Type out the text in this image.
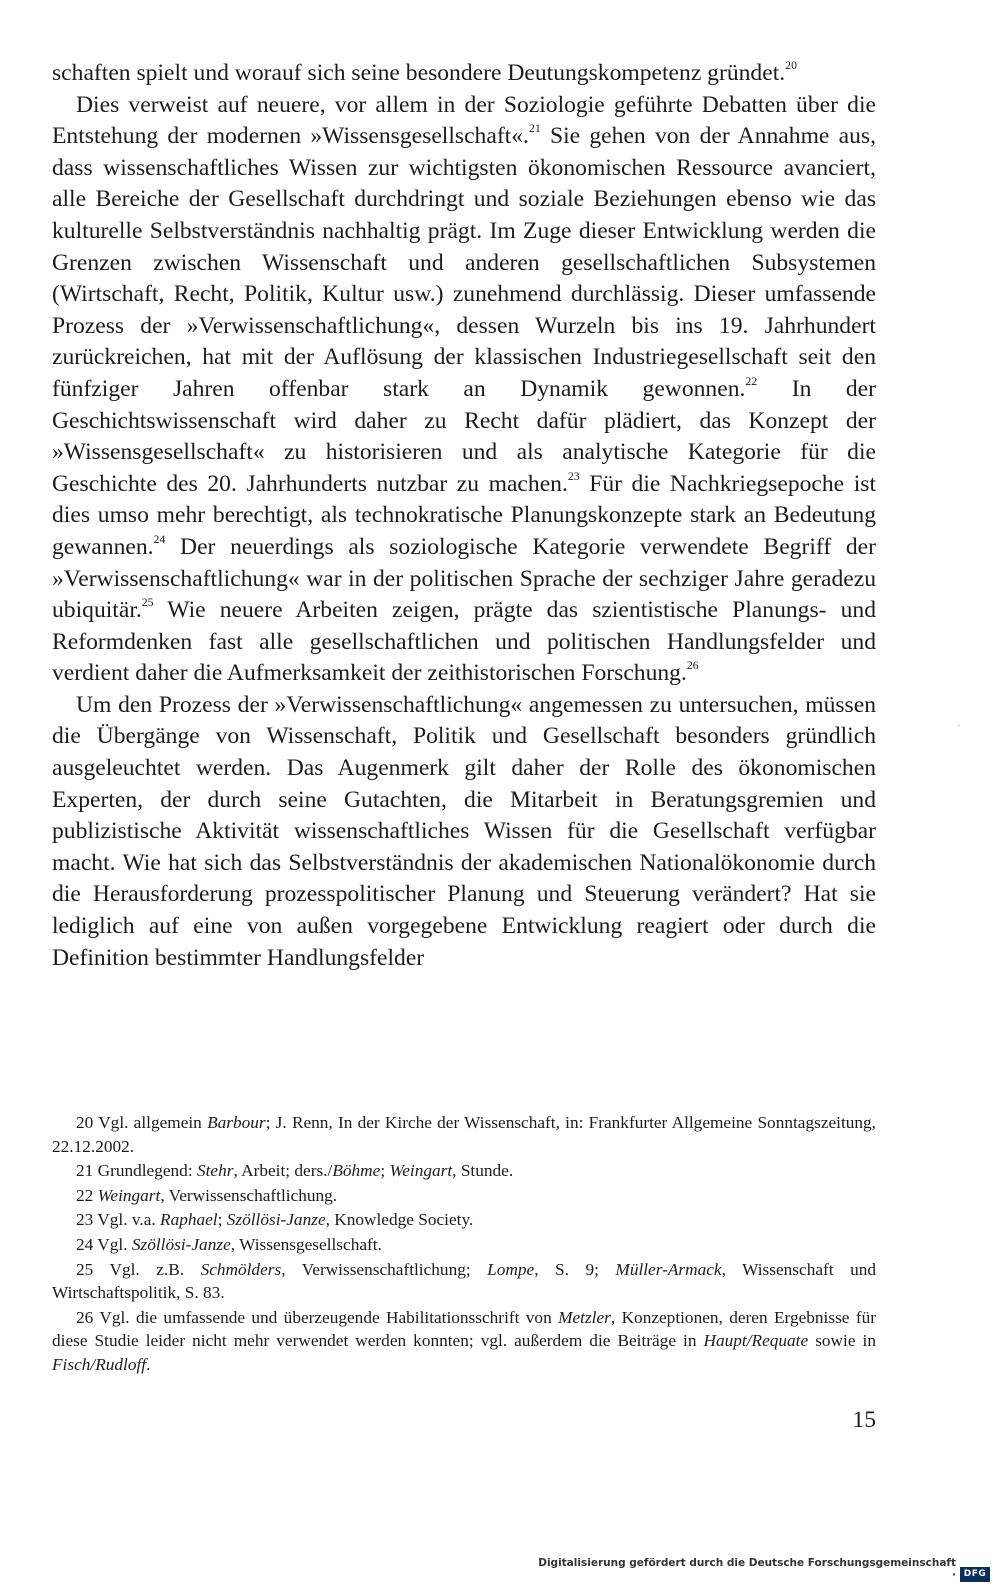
schaften spielt und worauf sich seine besondere Deutungskompetenz gründet.$^{20}$

Dies verweist auf neuere, vor allem in der Soziologie geführte Debatten über die Entstehung der modernen »Wissensgesellschaft«.$^{21}$ Sie gehen von der Annahme aus, dass wissenschaftliches Wissen zur wichtigsten ökonomischen Ressource avanciert, alle Bereiche der Gesellschaft durchdringt und soziale Beziehungen ebenso wie das kulturelle Selbstverständnis nachhaltig prägt. Im Zuge dieser Entwicklung werden die Grenzen zwischen Wissenschaft und anderen gesellschaftlichen Subsystemen (Wirtschaft, Recht, Politik, Kultur usw.) zunehmend durchlässig. Dieser umfassende Prozess der »Verwissenschaftlichung«, dessen Wurzeln bis ins 19. Jahrhundert zurückreichen, hat mit der Auflösung der klassischen Industriegesellschaft seit den fünfziger Jahren offenbar stark an Dynamik gewonnen.$^{22}$ In der Geschichtswissenschaft wird daher zu Recht dafür plädiert, das Konzept der »Wissensgesellschaft« zu historisieren und als analytische Kategorie für die Geschichte des 20. Jahrhunderts nutzbar zu machen.$^{23}$ Für die Nachkriegsepoche ist dies umso mehr berechtigt, als technokratische Planungskonzepte stark an Bedeutung gewannen.$^{24}$ Der neuerdings als soziologische Kategorie verwendete Begriff der »Verwissenschaftlichung« war in der politischen Sprache der sechziger Jahre geradezu ubiquitär.$^{25}$ Wie neuere Arbeiten zeigen, prägte das szientistische Planungs- und Reformdenken fast alle gesellschaftlichen und politischen Handlungsfelder und verdient daher die Aufmerksamkeit der zeithistorischen Forschung.$^{26}$

Um den Prozess der »Verwissenschaftlichung« angemessen zu untersuchen, müssen die Übergänge von Wissenschaft, Politik und Gesellschaft besonders gründlich ausgeleuchtet werden. Das Augenmerk gilt daher der Rolle des ökonomischen Experten, der durch seine Gutachten, die Mitarbeit in Beratungsgremien und publizistische Aktivität wissenschaftliches Wissen für die Gesellschaft verfügbar macht. Wie hat sich das Selbstverständnis der akademischen Nationalökonomie durch die Herausforderung prozesspolitischer Planung und Steuerung verändert? Hat sie lediglich auf eine von außen vorgegebene Entwicklung reagiert oder durch die Definition bestimmter Handlungsfelder

20 Vgl. allgemein Barbour; J. Renn, In der Kirche der Wissenschaft, in: Frankfurter Allgemeine Sonntagszeitung, 22.12.2002.

21 Grundlegend: Stehr, Arbeit; ders./Böhme; Weingart, Stunde.

22 Weingart, Verwissenschaftlichung.

23 Vgl. v.a. Raphael; Szöllösi-Janze, Knowledge Society.

24 Vgl. Szöllösi-Janze, Wissensgesellschaft.

25 Vgl. z.B. Schmölders, Verwissenschaftlichung; Lompe, S. 9; Müller-Armack, Wissenschaft und Wirtschaftspolitik, S. 83.

26 Vgl. die umfassende und überzeugende Habilitationsschrift von Metzler, Konzeptionen, deren Ergebnisse für diese Studie leider nicht mehr verwendet werden konnten; vgl. außerdem die Beiträge in Haupt/Requate sowie in Fisch/Rudloff.

15
·
Digitalisierung gefördert durch die Deutsche Forschungsgemeinschaft · DFG
